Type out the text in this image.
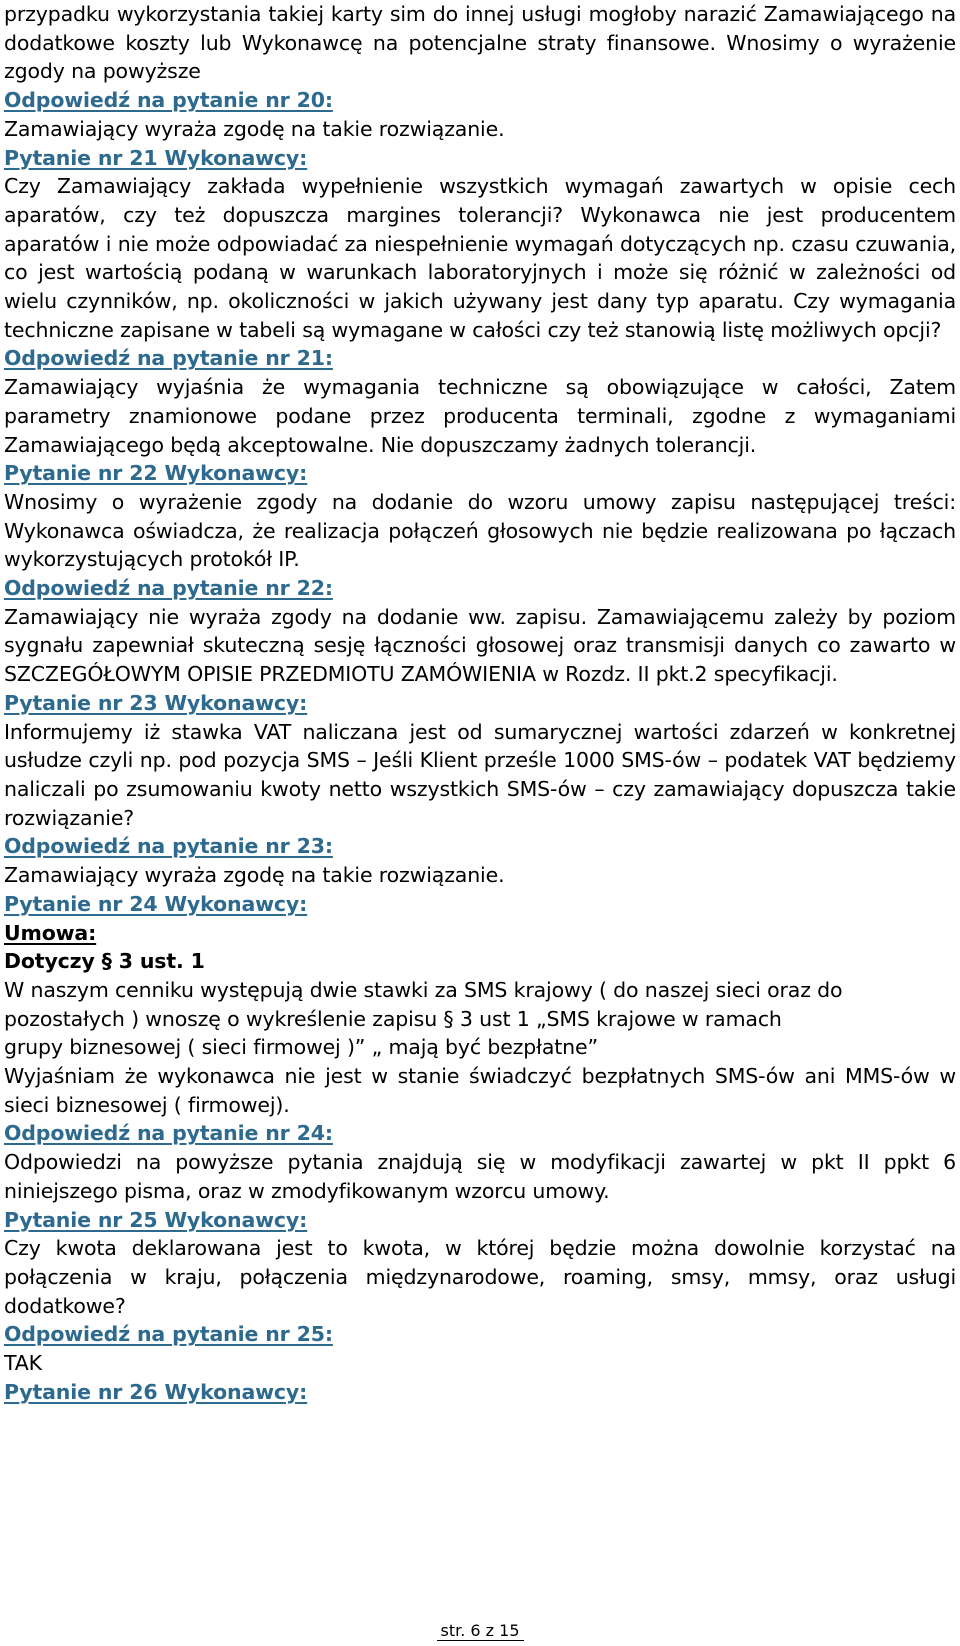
przypadku wykorzystania takiej karty sim do innej usługi mogłoby narazić Zamawiającego na dodatkowe koszty lub Wykonawcę na potencjalne straty finansowe. Wnosimy o wyrażenie zgody na powyższe

Odpowiedź na pytanie nr 20:

Zamawiający wyraża zgodę na takie rozwiązanie.

Pytanie nr 21 Wykonawcy:

Czy Zamawiający zakłada wypełnienie wszystkich wymagań zawartych w opisie cech aparatów, czy też dopuszcza margines tolerancji? Wykonawca nie jest producentem aparatów i nie może odpowiadać za niespełnienie wymagań dotyczących np. czasu czuwania, co jest wartością podaną w warunkach laboratoryjnych i może się różnić w zależności od wielu czynników, np. okoliczności w jakich używany jest dany typ aparatu. Czy wymagania techniczne zapisane w tabeli są wymagane w całości czy też stanowią listę możliwych opcji?

Odpowiedź na pytanie nr 21:

Zamawiający wyjaśnia że wymagania techniczne są obowiązujące w całości, Zatem parametry znamionowe podane przez producenta terminali, zgodne z wymaganiami Zamawiającego będą akceptowalne. Nie dopuszczamy żadnych tolerancji.

Pytanie nr 22 Wykonawcy:

Wnosimy o wyrażenie zgody na dodanie do wzoru umowy zapisu następującej treści: Wykonawca oświadcza, że realizacja połączeń głosowych nie będzie realizowana po łączach wykorzystujących protokół IP.

Odpowiedź na pytanie nr 22:

Zamawiający nie wyraża zgody na dodanie ww. zapisu. Zamawiającemu zależy by poziom sygnału zapewniał skuteczną sesję łączności głosowej oraz transmisji danych co zawarto w SZCZEGÓŁOWYM OPISIE PRZEDMIOTU ZAMÓWIENIA w Rozdz. II pkt.2 specyfikacji.

Pytanie nr 23 Wykonawcy:

Informujemy iż stawka VAT naliczana jest od sumarycznej wartości zdarzeń w konkretnej usłudze czyli np. pod pozycja SMS – Jeśli Klient prześle 1000 SMS-ów – podatek VAT będziemy naliczali po zsumowaniu kwoty netto wszystkich SMS-ów – czy zamawiający dopuszcza takie rozwiązanie?

Odpowiedź na pytanie nr 23:

Zamawiający wyraża zgodę na takie rozwiązanie.

Pytanie nr 24 Wykonawcy:

Umowa:

Dotyczy § 3 ust. 1

W naszym cenniku występują dwie stawki za SMS krajowy ( do naszej sieci oraz do pozostałych ) wnoszę o wykreślenie zapisu § 3 ust 1 „SMS krajowe w ramach

grupy biznesowej ( sieci firmowej )” „ mają być bezpłatne”

Wyjaśniam że wykonawca nie jest w stanie świadczyć bezpłatnych SMS-ów ani MMS-ów w sieci biznesowej ( firmowej).

Odpowiedź na pytanie nr 24:

Odpowiedzi na powyższe pytania znajdują się w modyfikacji zawartej w pkt II ppkt 6 niniejszego pisma, oraz w zmodyfikowanym wzorcu umowy.

Pytanie nr 25 Wykonawcy:

Czy kwota deklarowana jest to kwota, w której będzie można dowolnie korzystać na połączenia w kraju, połączenia międzynarodowe, roaming, smsy, mmsy, oraz usługi dodatkowe?

Odpowiedź na pytanie nr 25:

TAK

Pytanie nr 26 Wykonawcy:

str. 6 z 15
